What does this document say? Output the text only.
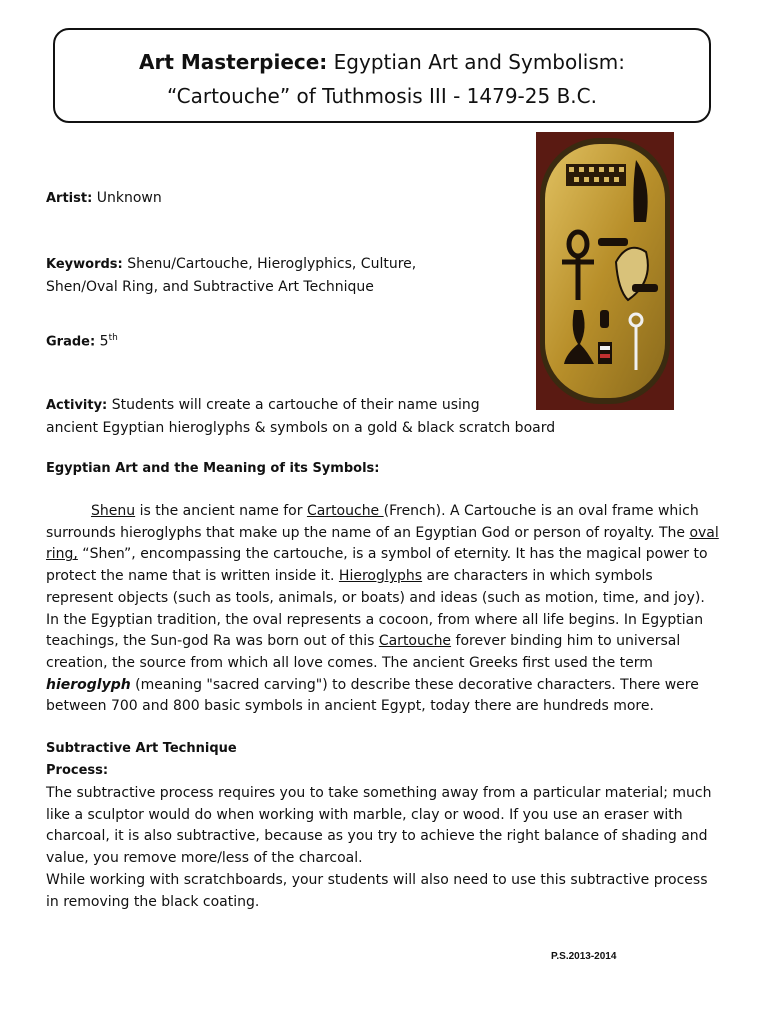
Art Masterpiece: Egyptian Art and Symbolism:
“Cartouche” of Tuthmosis III - 1479-25 B.C.
Artist: Unknown
Keywords: Shenu/Cartouche, Hieroglyphics, Culture,
Shen/Oval Ring, and Subtractive Art Technique
Grade: 5th
Activity: Students will create a cartouche of their name using
ancient Egyptian hieroglyphs & symbols on a gold & black scratch board
Egyptian Art and the Meaning of its Symbols:
Shenu is the ancient name for Cartouche (French). A Cartouche is an oval frame which surrounds hieroglyphs that make up the name of an Egyptian God or person of royalty. The oval ring, “Shen”, encompassing the cartouche, is a symbol of eternity. It has the magical power to protect the name that is written inside it. Hieroglyphs are characters in which symbols represent objects (such as tools, animals, or boats) and ideas (such as motion, time, and joy). In the Egyptian tradition, the oval represents a cocoon, from where all life begins. In Egyptian teachings, the Sun-god Ra was born out of this Cartouche forever binding him to universal creation, the source from which all love comes. The ancient Greeks first used the term hieroglyph (meaning "sacred carving") to describe these decorative characters. There were between 700 and 800 basic symbols in ancient Egypt, today there are hundreds more.
Subtractive Art Technique
Process:
The subtractive process requires you to take something away from a particular material; much like a sculptor would do when working with marble, clay or wood. If you use an eraser with charcoal, it is also subtractive, because as you try to achieve the right balance of shading and value, you remove more/less of the charcoal.
While working with scratchboards, your students will also need to use this subtractive process in removing the black coating.
P.S.2013-2014
